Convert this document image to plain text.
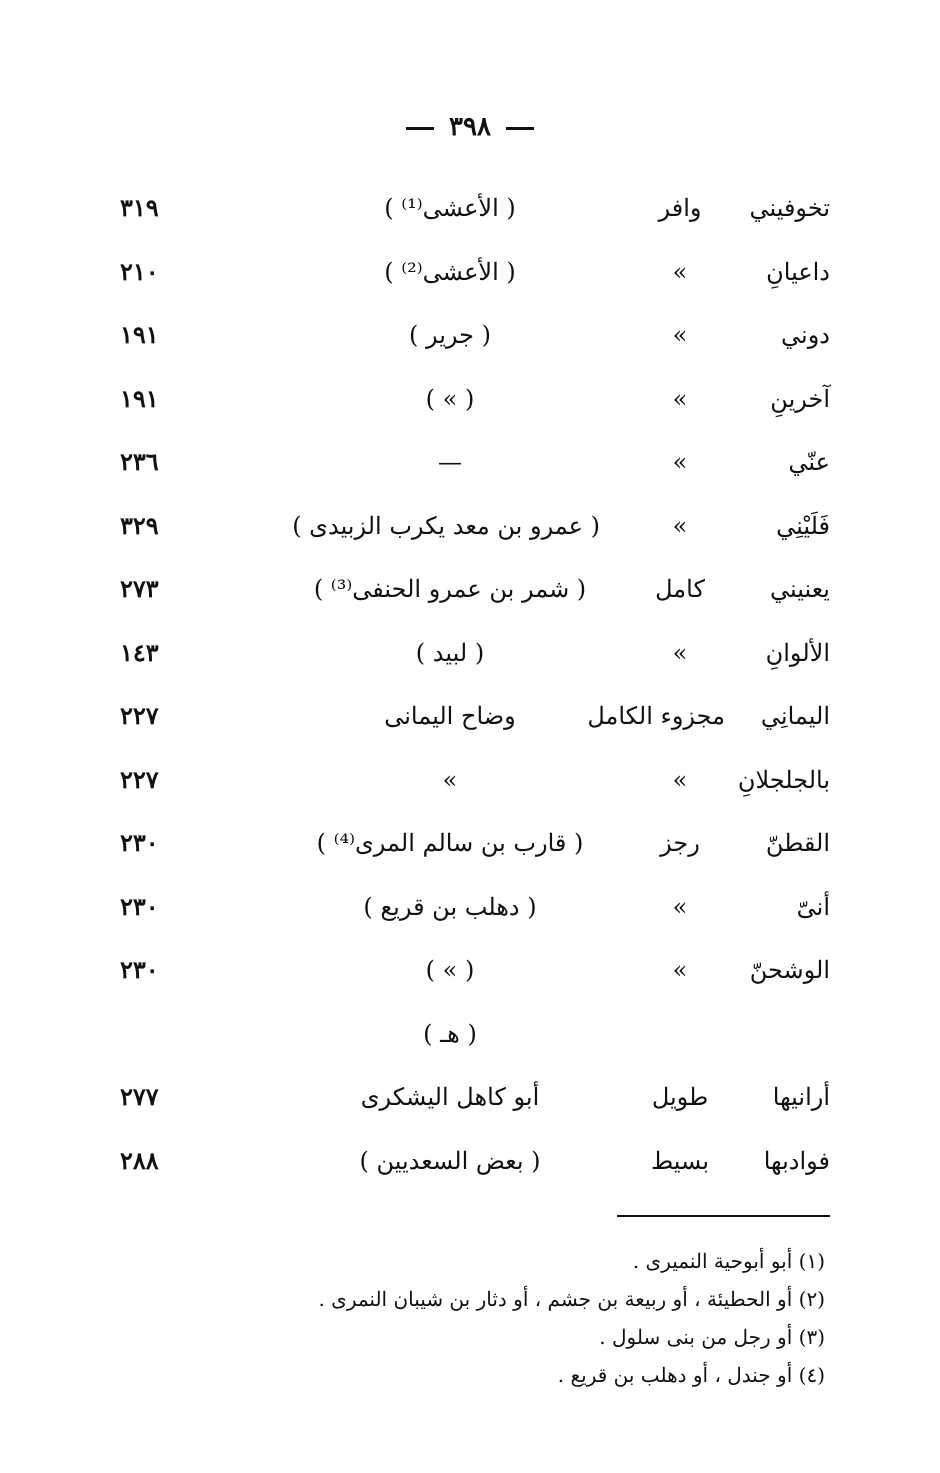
٣٩٨
تخوفيني
وافر
( الأعشى⁽¹⁾ )
٣١٩
داعيانِ
»
( الأعشى⁽²⁾ )
٢١٠
دوني
»
( جرير )
١٩١
آخرينِ
»
( » )
١٩١
عنّي
»
—
٢٣٦
فَلَيْنِي
»
( عمرو بن معد يكرب الزبيدى )
٣٢٩
يعنيني
كامل
( شمر بن عمرو الحنفى⁽³⁾ )
٢٧٣
الألوانِ
»
( لبيد )
١٤٣
اليمانِي
مجزوء الكامل
وضاح اليمانى
٢٢٧
بالجلجلانِ
»
»
٢٢٧
القطنّ
رجز
( قارب بن سالم المرى⁽⁴⁾ )
٢٣٠
أنىّ
»
( دهلب بن قريع )
٢٣٠
الوشحنّ
»
( » )
٢٣٠
( هـ )
أرانيها
طويل
أبو كاهل اليشكرى
٢٧٧
فوادبها
بسيط
( بعض السعديين )
٢٨٨
(١) أبو أبوحية النميرى .
(٢) أو الحطيئة ، أو ربيعة بن جشم ، أو دثار بن شيبان النمرى .
(٣) أو رجل من بنى سلول .
(٤) أو جندل ، أو دهلب بن قريع .
